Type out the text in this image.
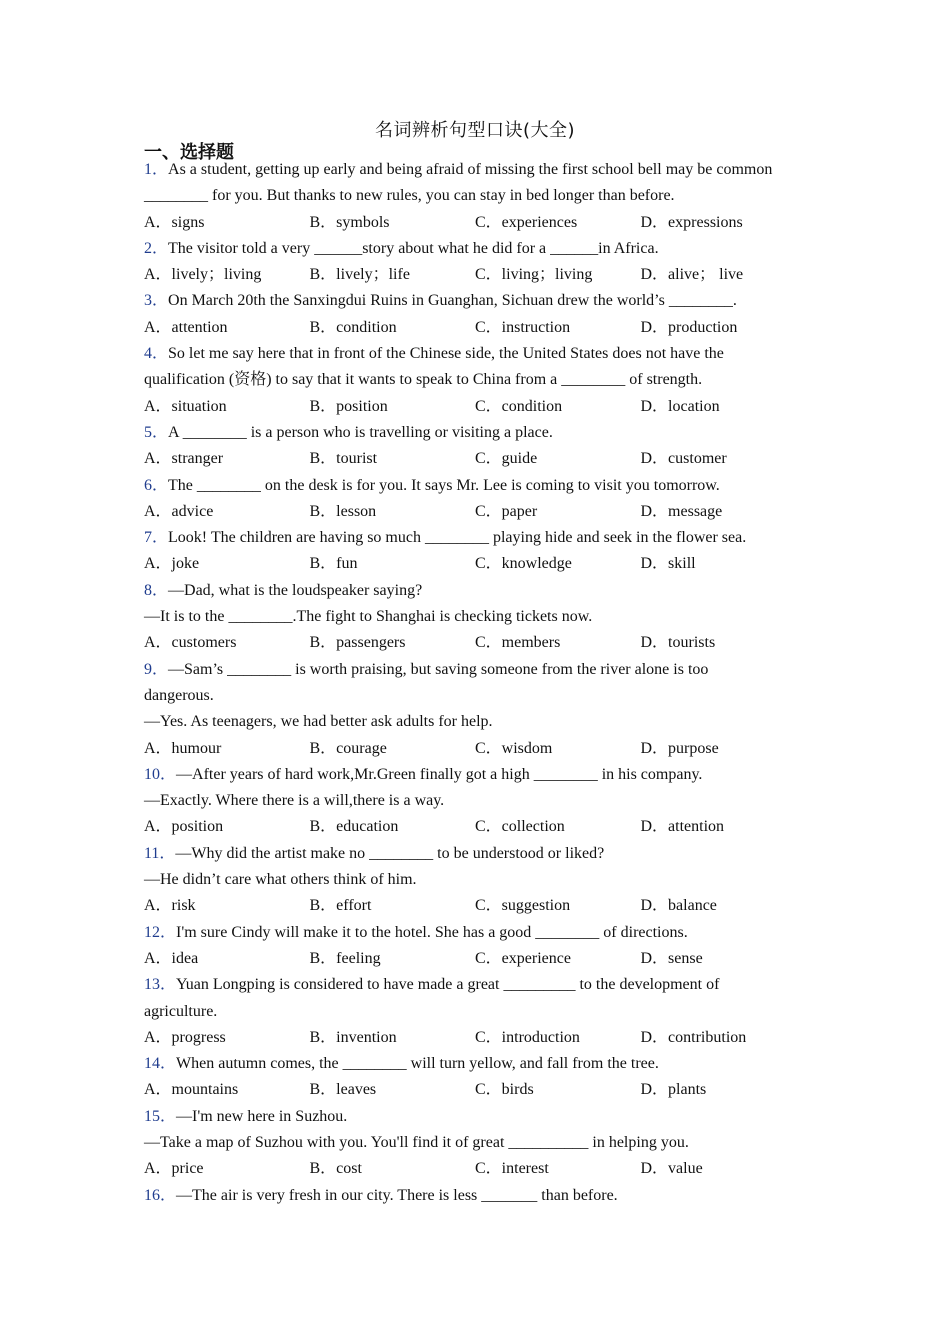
名词辨析句型口诀(大全)
一、选择题
1．As a student, getting up early and being afraid of missing the first school bell may be common
________ for you. But thanks to new rules, you can stay in bed longer than before.
A．signs	B．symbols	C．experiences	D．expressions
2．The visitor told a very ______story about what he did for a ______in Africa.
A．lively；living	B．lively；life	C．living；living	D．alive； live
3．On March 20th the Sanxingdui Ruins in Guanghan, Sichuan drew the world’s ________.
A．attention	B．condition	C．instruction	D．production
4．So let me say here that in front of the Chinese side, the United States does not have the
qualification (资格) to say that it wants to speak to China from a ________ of strength.
A．situation	B．position	C．condition	D．location
5．A ________ is a person who is travelling or visiting a place.
A．stranger	B．tourist	C．guide	D．customer
6．The ________ on the desk is for you. It says Mr. Lee is coming to visit you tomorrow.
A．advice	B．lesson	C．paper	D．message
7．Look! The children are having so much ________ playing hide and seek in the flower sea.
A．joke	B．fun	C．knowledge	D．skill
8．—Dad, what is the loudspeaker saying?
—It is to the ________.The fight to Shanghai is checking tickets now.
A．customers	B．passengers	C．members	D．tourists
9．—Sam’s ________ is worth praising, but saving someone from the river alone is too
dangerous.
—Yes. As teenagers, we had better ask adults for help.
A．humour	B．courage	C．wisdom	D．purpose
10．—After years of hard work,Mr.Green finally got a high ________ in his company.
—Exactly. Where there is a will,there is a way.
A．position	B．education	C．collection	D．attention
11．—Why did the artist make no ________ to be understood or liked?
—He didn’t care what others think of him.
A．risk	B．effort	C．suggestion	D．balance
12．I'm sure Cindy will make it to the hotel. She has a good ________ of directions.
A．idea	B．feeling	C．experience	D．sense
13．Yuan Longping is considered to have made a great _________ to the development of
agriculture.
A．progress	B．invention	C．introduction	D．contribution
14．When autumn comes, the ________ will turn yellow, and fall from the tree.
A．mountains	B．leaves	C．birds	D．plants
15．—I'm new here in Suzhou.
—Take a map of Suzhou with you. You'll find it of great __________ in helping you.
A．price	B．cost	C．interest	D．value
16．—The air is very fresh in our city. There is less _______ than before.
